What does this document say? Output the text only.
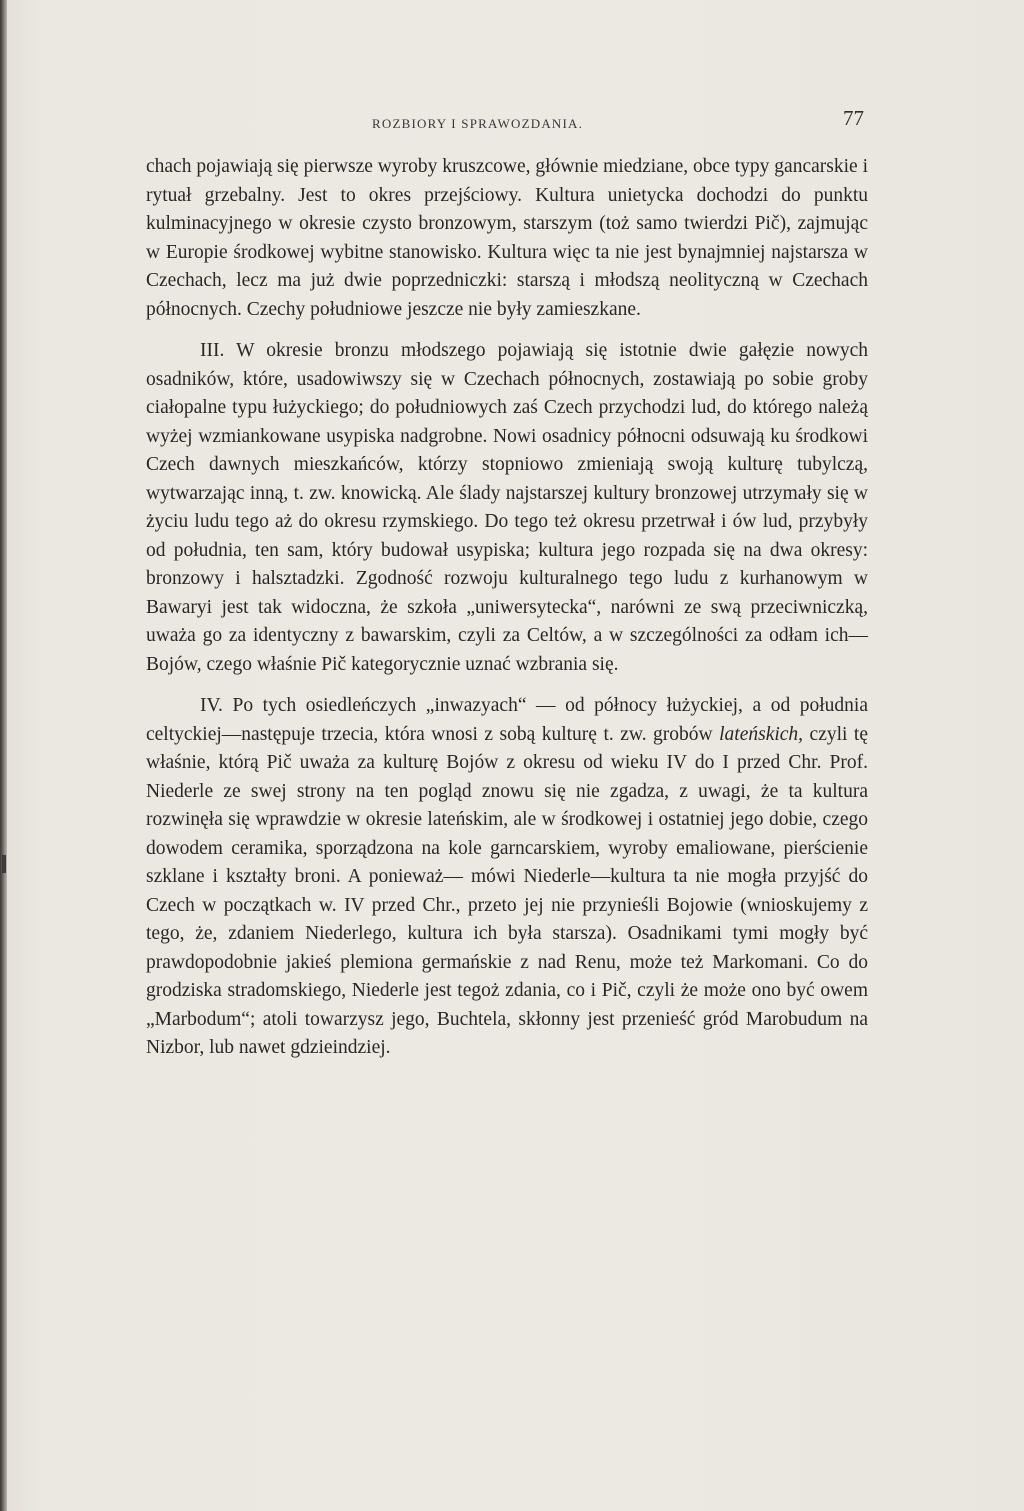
ROZBIORY I SPRAWOZDANIA.	77

chach pojawiają się pierwsze wyroby kruszcowe, głównie miedziane, obce typy gancarskie i rytuał grzebalny. Jest to okres przejściowy. Kultura unietycka dochodzi do punktu kulminacyjnego w okresie czysto bronzowym, starszym (toż samo twierdzi Pič), zajmując w Europie środkowej wybitne stanowisko. Kultura więc ta nie jest bynajmniej najstarsza w Czechach, lecz ma już dwie poprzedniczki: starszą i młodszą neolityczną w Czechach północnych. Czechy południowe jeszcze nie były zamieszkane.

III. W okresie bronzu młodszego pojawiają się istotnie dwie gałęzie nowych osadników, które, usadowiwszy się w Czechach północnych, zostawiają po sobie groby ciałopalne typu łużyckiego; do południowych zaś Czech przychodzi lud, do którego należą wyżej wzmiankowane usypiska nadgrobne. Nowi osadnicy północni odsuwają ku środkowi Czech dawnych mieszkańców, którzy stopniowo zmieniają swoją kulturę tubylczą, wytwarzając inną, t. zw. knowicką. Ale ślady najstarszej kultury bronzowej utrzymały się w życiu ludu tego aż do okresu rzymskiego. Do tego też okresu przetrwał i ów lud, przybyły od południa, ten sam, który budował usypiska; kultura jego rozpada się na dwa okresy: bronzowy i halsztadzki. Zgodność rozwoju kulturalnego tego ludu z kurhanowym w Bawaryi jest tak widoczna, że szkoła „uniwersytecka“, narówni ze swą przeciwniczką, uważa go za identyczny z bawarskim, czyli za Celtów, a w szczególności za odłam ich—Bojów, czego właśnie Pič kategorycznie uznać wzbrania się.

IV. Po tych osiedleńczych „inwazyach“ — od północy łużyckiej, a od południa celtyckiej—następuje trzecia, która wnosi z sobą kulturę t. zw. grobów lateńskich, czyli tę właśnie, którą Pič uważa za kulturę Bojów z okresu od wieku IV do I przed Chr. Prof. Niederle ze swej strony na ten pogląd znowu się nie zgadza, z uwagi, że ta kultura rozwinęła się wprawdzie w okresie lateńskim, ale w środkowej i ostatniej jego dobie, czego dowodem ceramika, sporządzona na kole garncarskiem, wyroby emaliowane, pierścienie szklane i kształty broni. A ponieważ— mówi Niederle—kultura ta nie mogła przyjść do Czech w początkach w. IV przed Chr., przeto jej nie przynieśli Bojowie (wnioskujemy z tego, że, zdaniem Niederlego, kultura ich była starsza). Osadnikami tymi mogły być prawdopodobnie jakieś plemiona germańskie z nad Renu, może też Markomani. Co do grodziska stradomskiego, Niederle jest tegoż zdania, co i Pič, czyli że może ono być owem „Marbodum“; atoli towarzysz jego, Buchtela, skłonny jest przenieść gród Marobudum na Nizbor, lub nawet gdzieindziej.
